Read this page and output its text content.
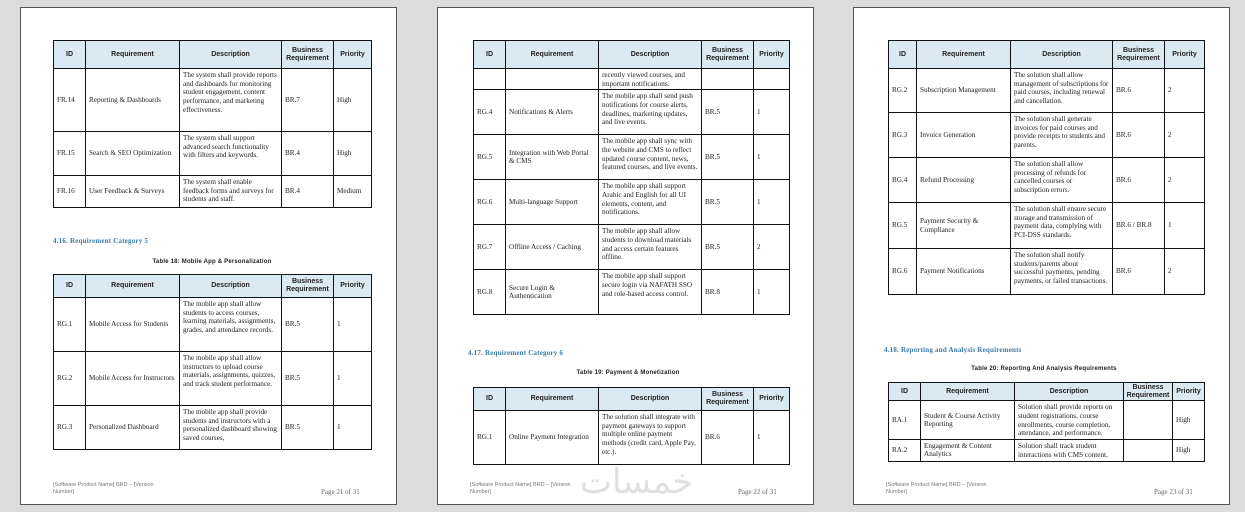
ID	Requirement	Description	Business Requirement	Priority
FR.14	Reporting & Dashboards	The system shall provide reports and dashboards for monitoring student engagement, content performance, and marketing effectiveness.	BR.7	High
FR.15	Search & SEO Optimization	The system shall support advanced search functionality with filters and keywords.	BR.4	High
FR.16	User Feedback & Surveys	The system shall enable feedback forms and surveys for students and staff.	BR.4	Medium
4.16. Requirement Category 5
Table 18: Mobile App & Personalization
ID	Requirement	Description	Business Requirement	Priority
RG.1	Mobile Access for Students	The mobile app shall allow students to access courses, learning materials, assignments, grades, and attendance records.	BR.5	1
RG.2	Mobile Access for Instructors	The mobile app shall allow instructors to upload course materials, assignments, quizzes, and track student performance.	BR.5	1
RG.3	Personalized Dashboard	The mobile app shall provide students and instructors with a personalized dashboard showing saved courses,	BR.5	1
[Software Product Name] BRD – [Version Number]	Page 21 of 31
ID	Requirement	Description	Business Requirement	Priority
		recently viewed courses, and important notifications.		
RG.4	Notifications & Alerts	The mobile app shall send push notifications for course alerts, deadlines, marketing updates, and live events.	BR.5	1
RG.5	Integration with Web Portal & CMS	The mobile app shall sync with the website and CMS to reflect updated course content, news, featured courses, and live events.	BR.5	1
RG.6	Multi-language Support	The mobile app shall support Arabic and English for all UI elements, content, and notifications.	BR.5	1
RG.7	Offline Access / Caching	The mobile app shall allow students to download materials and access certain features offline.	BR.5	2
RG.8	Secure Login & Authentication	The mobile app shall support secure login via NAFATH SSO and role-based access control.	BR.8	1
4.17. Requirement Category 6
Table 19: Payment & Monetization
ID	Requirement	Description	Business Requirement	Priority
RG.1	Online Payment Integration	The solution shall integrate with payment gateways to support multiple online payment methods (credit card, Apple Pay, etc.).	BR.6	1
[Software Product Name] BRD – [Version Number]	Page 22 of 31
ID	Requirement	Description	Business Requirement	Priority
RG.2	Subscription Management	The solution shall allow management of subscriptions for paid courses, including renewal and cancellation.	BR.6	2
RG.3	Invoice Generation	The solution shall generate invoices for paid courses and provide receipts to students and parents.	BR.6	2
RG.4	Refund Processing	The solution shall allow processing of refunds for cancelled courses or subscription errors.	BR.6	2
RG.5	Payment Security & Compliance	The solution shall ensure secure storage and transmission of payment data, complying with PCI-DSS standards.	BR.6 / BR.8	1
RG.6	Payment Notifications	The solution shall notify students/parents about successful payments, pending payments, or failed transactions.	BR.6	2
4.18. Reporting and Analysis Requirements
Table 20: Reporting And Analysis Requirements
ID	Requirement	Description	Business Requirement	Priority
RA.1	Student & Course Activity Reporting	Solution shall provide reports on student registrations, course enrollments, course completion, attendance, and performance.		High
RA.2	Engagement & Content Analytics	Solution shall track student interactions with CMS content,		High
[Software Product Name] BRD – [Version Number]	Page 23 of 31
خمسات
